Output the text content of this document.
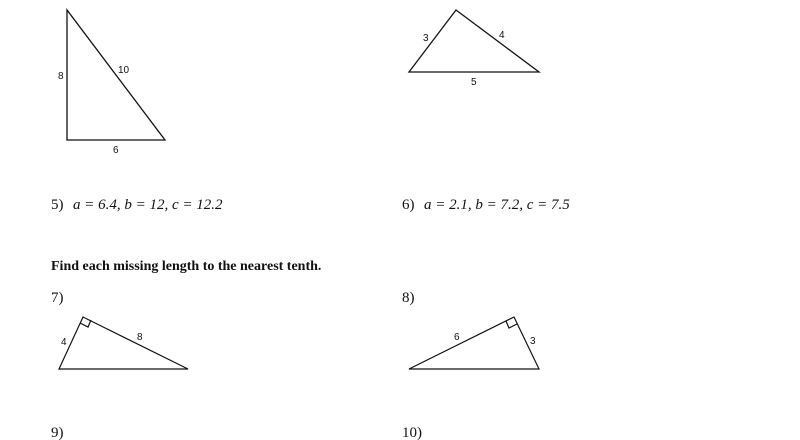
8
10
6
3	4
5
4	8	6	3
5) a = 6.4, b = 12, c = 12.2	6) a = 2.1, b = 7.2, c = 7.5
Find each missing length to the nearest tenth.
7)	8)
9)	10)
